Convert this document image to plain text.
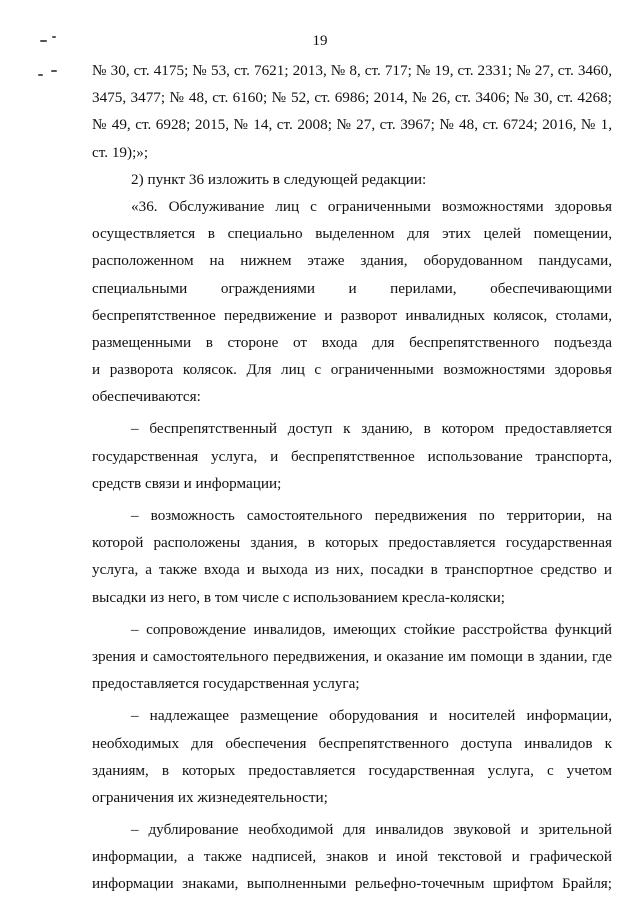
19
№ 30, ст. 4175; № 53, ст. 7621; 2013, № 8, ст. 717; № 19, ст. 2331; № 27, ст. 3460,
3475, 3477; № 48, ст. 6160; № 52, ст. 6986; 2014, № 26, ст. 3406; № 30, ст. 4268;
№ 49, ст. 6928; 2015, № 14, ст. 2008; № 27, ст. 3967; № 48, ст. 6724; 2016, № 1,
ст. 19);»;
2) пункт 36 изложить в следующей редакции:
«36. Обслуживание лиц с ограниченными возможностями здоровья
осуществляется в специально выделенном для этих целей помещении,
расположенном на нижнем этаже здания, оборудованном пандусами,
специальными ограждениями и перилами, обеспечивающими
беспрепятственное передвижение и разворот инвалидных колясок, столами,
размещенными в стороне от входа для беспрепятственного подъезда
и разворота колясок. Для лиц с ограниченными возможностями здоровья
обеспечиваются:
– беспрепятственный доступ к зданию, в котором предоставляется
государственная услуга, и беспрепятственное использование транспорта,
средств связи и информации;
– возможность самостоятельного передвижения по территории, на
которой расположены здания, в которых предоставляется государственная
услуга, а также входа и выхода из них, посадки в транспортное средство и
высадки из него, в том числе с использованием кресла-коляски;
– сопровождение инвалидов, имеющих стойкие расстройства функций
зрения и самостоятельного передвижения, и оказание им помощи в здании, где
предоставляется государственная услуга;
– надлежащее размещение оборудования и носителей информации,
необходимых для обеспечения беспрепятственного доступа инвалидов к
зданиям, в которых предоставляется государственная услуга, с учетом
ограничения их жизнедеятельности;
– дублирование необходимой для инвалидов звуковой и зрительной
информации, а также надписей, знаков и иной текстовой и графической
информации знаками, выполненными рельефно-точечным шрифтом Брайля;
